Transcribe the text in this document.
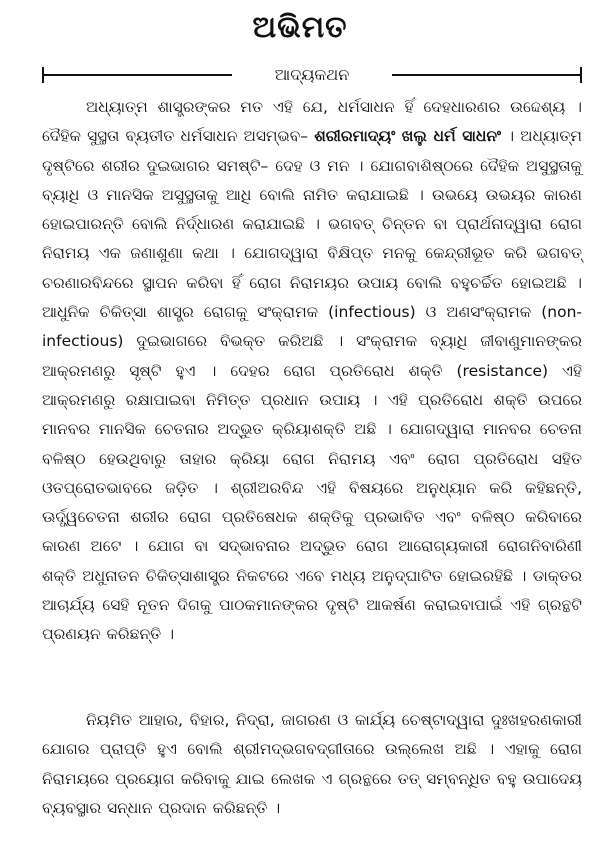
ଅଭିମତ
ଆଦ୍ୟକଥନ

ଅଧ୍ୟାତ୍ମ ଶାସ୍ତ୍ରଙ୍କର ମତ ଏହି ଯେ, ଧର୍ମସାଧନ ହିଁ ଦେହଧାରଣର ଉଦ୍ଦେଶ୍ୟ । ଦୈହିକ ସୁସ୍ଥତା ବ୍ୟତୀତ ଧର୍ମସାଧନ ଅସମ୍ଭବ– ଶରୀରମାଦ୍ୟଂ ଖଲୁ ଧର୍ମ ସାଧନଂ । ଅଧ୍ୟାତ୍ମ ଦୃଷ୍ଟିରେ ଶରୀର ଦୁଇଭାଗର ସମଷ୍ଟି– ଦେହ ଓ ମନ । ଯୋଗବାଶିଷ୍ଠରେ ଦୈହିକ ଅସୁସ୍ଥତାକୁ ବ୍ୟାଧି ଓ ମାନସିକ ଅସୁସ୍ଥତାକୁ ଆଧି ବୋଲି ନାମିତ କରାଯାଇଛି । ଉଭୟେ ଉଭୟର କାରଣ ହୋଇପାରନ୍ତି ବୋଲି ନିର୍ଦ୍ଧାରଣ କରାଯାଇଛି । ଭଗବତ୍ ଚିନ୍ତନ ବା ପ୍ରାର୍ଥନାଦ୍ୱାରା ରୋଗ ନିରାମୟ ଏକ ଜଣାଶୁଣା କଥା । ଯୋଗଦ୍ୱାରା ବିକ୍ଷିପ୍ତ ମନକୁ କେନ୍ଦ୍ରୀଭୂତ କରି ଭଗବତ୍ ଚରଣାରବିନ୍ଦରେ ସ୍ଥାପନ କରିବା ହିଁ ରୋଗ ନିରାମୟର ଉପାୟ ବୋଲି ବହୁଚର୍ଚ୍ଚିତ ହୋଇଅଛି । ଆଧୁନିକ ଚିକିତ୍ସା ଶାସ୍ତ୍ର ରୋଗକୁ ସଂକ୍ରାମକ (infectious) ଓ ଅଣସଂକ୍ରାମକ (non-infectious) ଦୁଇଭାଗରେ ବିଭକ୍ତ କରିଅଛି । ସଂକ୍ରାମକ ବ୍ୟାଧି ଜୀବାଣୁମାନଙ୍କର ଆକ୍ରମଣରୁ ସୃଷ୍ଟି ହୁଏ । ଦେହର ରୋଗ ପ୍ରତିରୋଧ ଶକ୍ତି (resistance) ଏହି ଆକ୍ରମଣରୁ ରକ୍ଷାପାଇବା ନିମିତ୍ତ ପ୍ରଧାନ ଉପାୟ । ଏହି ପ୍ରତିରୋଧ ଶକ୍ତି ଉପରେ ମାନବର ମାନସିକ ଚେତନାର ଅଦ୍ଭୁତ କ୍ରିୟାଶକ୍ତି ଅଛି । ଯୋଗଦ୍ୱାରା ମାନବର ଚେତନା ବଳିଷ୍ଠ ହେଉଥିବାରୁ ତାହାର କ୍ରିୟା ରୋଗ ନିରାମୟ ଏବଂ ରୋଗ ପ୍ରତିରୋଧ ସହିତ ଓତପ୍ରୋତଭାବରେ ଜଡ଼ିତ । ଶ୍ରୀଅରବିନ୍ଦ ଏହି ବିଷୟରେ ଅନୁଧ୍ୟାନ କରି କହିଛନ୍ତି, ଊର୍ଦ୍ଧ୍ୱଚେତନା ଶରୀର ରୋଗ ପ୍ରତିଷେଧକ ଶକ୍ତିକୁ ପ୍ରଭାବିତ ଏବଂ ବଳିଷ୍ଠ କରିବାରେ କାରଣ ଅଟେ । ଯୋଗ ବା ସଦ୍‌ଭାବନାର ଅଦ୍ଭୁତ ରୋଗ ଆରୋଗ୍ୟକାରୀ ରୋଗନିବାରିଣୀ ଶକ୍ତି ଅଧୁନାତନ ଚିକିତ୍ସାଶାସ୍ତ୍ର ନିକଟରେ ଏବେ ମଧ୍ୟ ଅନୁଦ୍‌ଘାଟିତ ହୋଇରହିଛି । ଡାକ୍ତର ଆଚାର୍ଯ୍ୟ ସେହି ନୂତନ ଦିଗକୁ ପାଠକମାନଙ୍କର ଦୃଷ୍ଟି ଆକର୍ଷଣ କରାଇବାପାଇଁ ଏହି ଗ୍ରନ୍ଥଟି ପ୍ରଣୟନ କରିଛନ୍ତି ।

ନିୟମିତ ଆହାର, ବିହାର, ନିଦ୍ରା, ଜାଗରଣ ଓ କାର୍ଯ୍ୟ ଚେଷ୍ଟାଦ୍ୱାରା ଦୁଃଖହରଣକାରୀ ଯୋଗର ପ୍ରାପ୍ତି ହୁଏ ବୋଲି ଶ୍ରୀମଦ୍‌ଭଗବଦ୍‌ଗୀତାରେ ଉଲ୍ଲେଖ ଅଛି । ଏହାକୁ ରୋଗ ନିରାମୟରେ ପ୍ରୟୋଗ କରିବାକୁ ଯାଇ ଲେଖକ ଏ ଗ୍ରନ୍ଥରେ ତତ୍ ସମ୍ବନ୍ଧିତ ବହୁ ଉପାଦେୟ ବ୍ୟବସ୍ଥାର ସନ୍ଧାନ ପ୍ରଦାନ କରିଛନ୍ତି ।
